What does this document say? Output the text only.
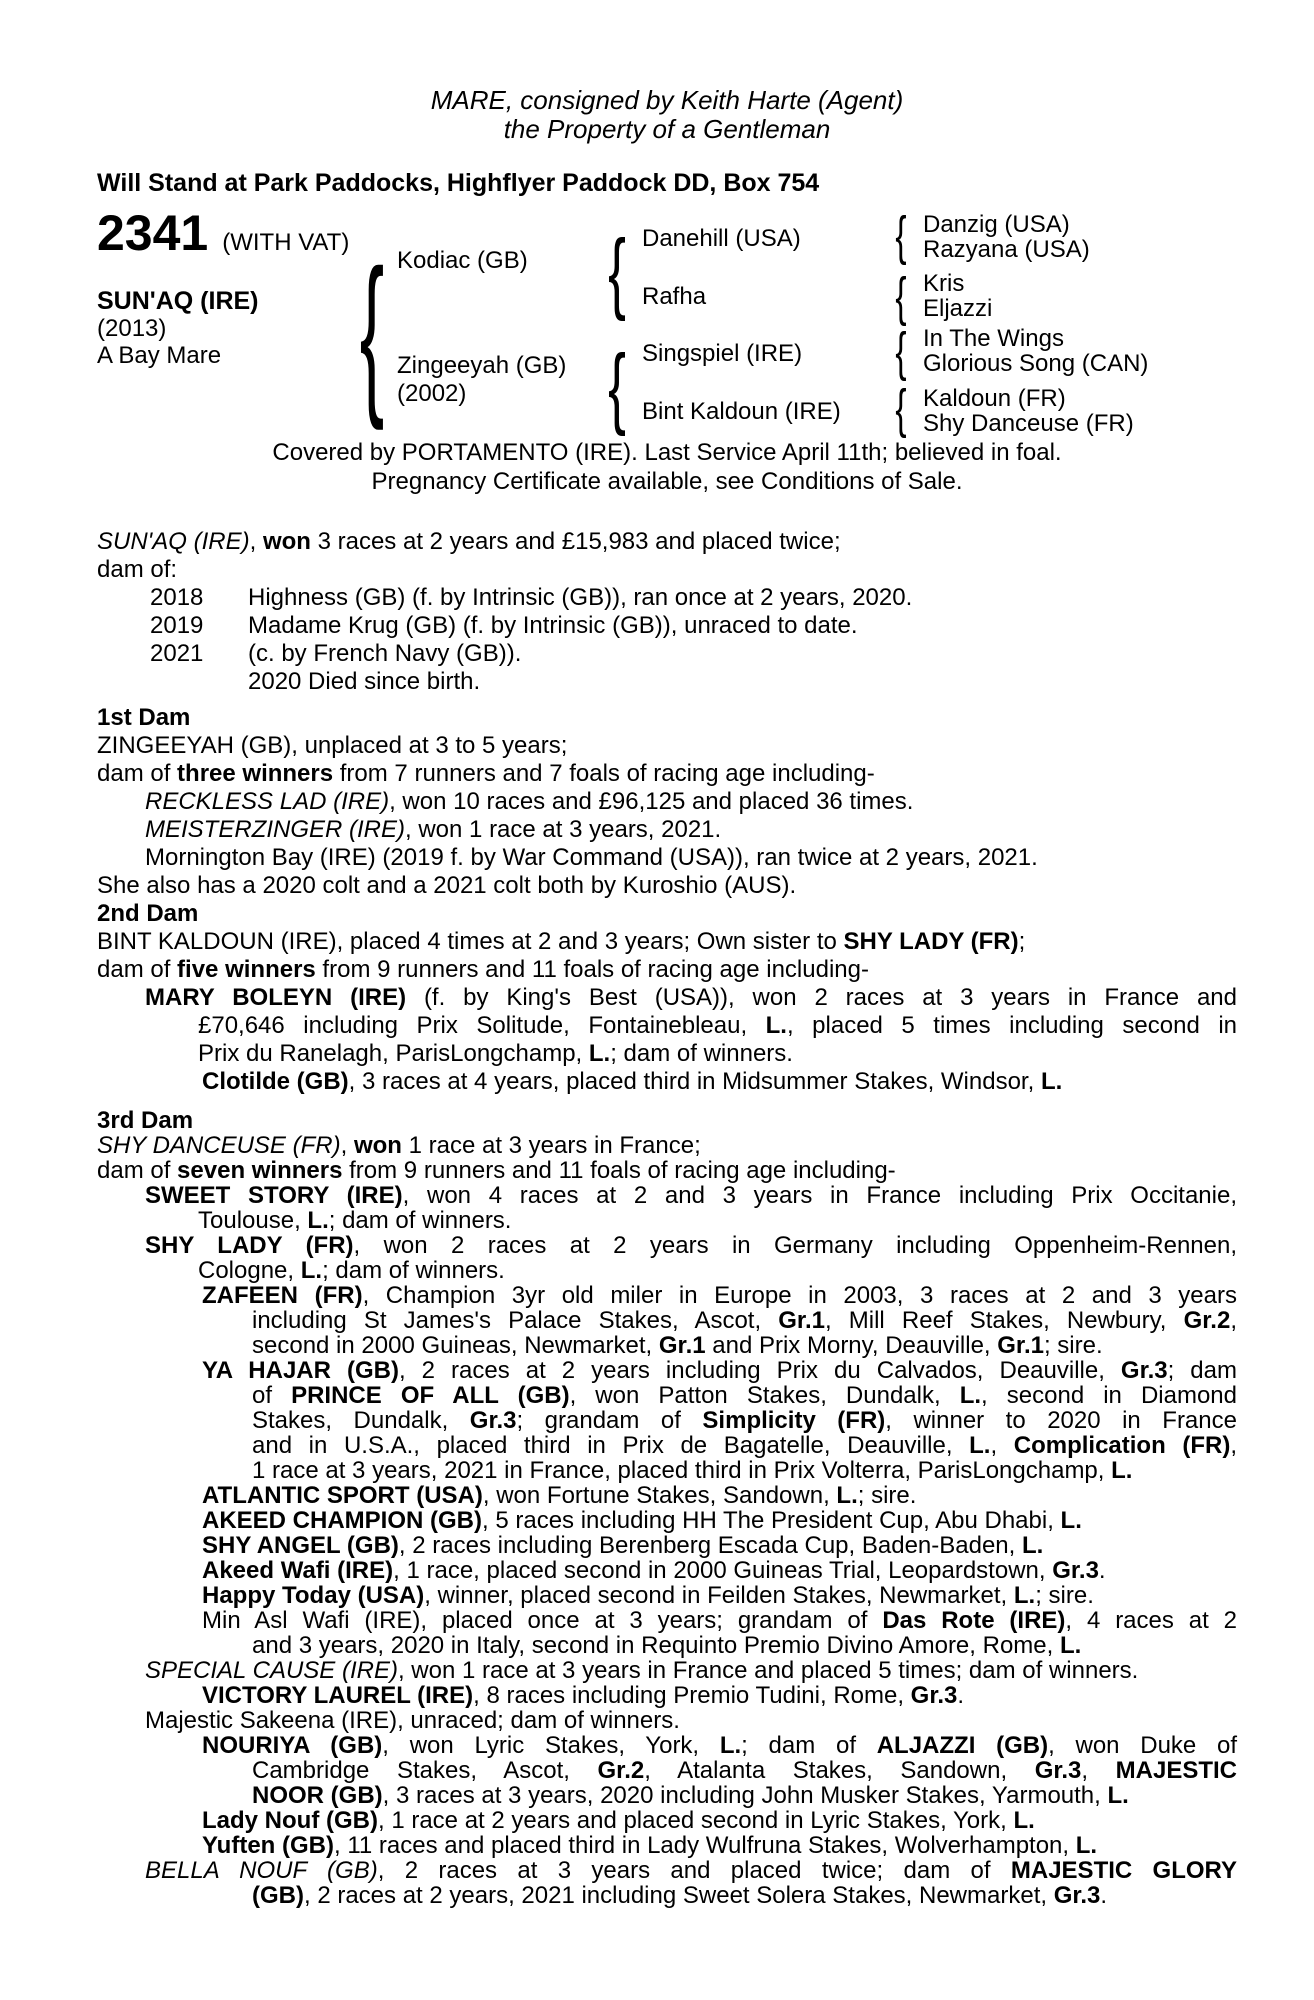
MARE, consigned by Keith Harte (Agent)
the Property of a Gentleman
Will Stand at Park Paddocks, Highflyer Paddock DD, Box 754
2341 (WITH VAT)
SUN'AQ (IRE)
(2013)
A Bay Mare
{
Kodiac (GB)
Zingeeyah (GB)
(2002)
{
{
Danehill (USA)
Rafha
Singspiel (IRE)
Bint Kaldoun (IRE)
{
{
{
{
Danzig (USA)
Razyana (USA)
Kris
Eljazzi
In The Wings
Glorious Song (CAN)
Kaldoun (FR)
Shy Danceuse (FR)
Covered by PORTAMENTO (IRE). Last Service April 11th; believed in foal.
Pregnancy Certificate available, see Conditions of Sale.
SUN'AQ (IRE), won 3 races at 2 years and £15,983 and placed twice;
dam of:
2018 Highness (GB) (f. by Intrinsic (GB)), ran once at 2 years, 2020.
2019 Madame Krug (GB) (f. by Intrinsic (GB)), unraced to date.
2021 (c. by French Navy (GB)).
2020 Died since birth.
1st Dam
ZINGEEYAH (GB), unplaced at 3 to 5 years;
dam of three winners from 7 runners and 7 foals of racing age including-
RECKLESS LAD (IRE), won 10 races and £96,125 and placed 36 times.
MEISTERZINGER (IRE), won 1 race at 3 years, 2021.
Mornington Bay (IRE) (2019 f. by War Command (USA)), ran twice at 2 years, 2021.
She also has a 2020 colt and a 2021 colt both by Kuroshio (AUS).
2nd Dam
BINT KALDOUN (IRE), placed 4 times at 2 and 3 years; Own sister to SHY LADY (FR);
dam of five winners from 9 runners and 11 foals of racing age including-
MARY BOLEYN (IRE) (f. by King's Best (USA)), won 2 races at 3 years in France and
£70,646 including Prix Solitude, Fontainebleau, L., placed 5 times including second in
Prix du Ranelagh, ParisLongchamp, L.; dam of winners.
Clotilde (GB), 3 races at 4 years, placed third in Midsummer Stakes, Windsor, L.
3rd Dam
SHY DANCEUSE (FR), won 1 race at 3 years in France;
dam of seven winners from 9 runners and 11 foals of racing age including-
SWEET STORY (IRE), won 4 races at 2 and 3 years in France including Prix Occitanie,
Toulouse, L.; dam of winners.
SHY LADY (FR), won 2 races at 2 years in Germany including Oppenheim-Rennen,
Cologne, L.; dam of winners.
ZAFEEN (FR), Champion 3yr old miler in Europe in 2003, 3 races at 2 and 3 years
including St James's Palace Stakes, Ascot, Gr.1, Mill Reef Stakes, Newbury, Gr.2,
second in 2000 Guineas, Newmarket, Gr.1 and Prix Morny, Deauville, Gr.1; sire.
YA HAJAR (GB), 2 races at 2 years including Prix du Calvados, Deauville, Gr.3; dam
of PRINCE OF ALL (GB), won Patton Stakes, Dundalk, L., second in Diamond
Stakes, Dundalk, Gr.3; grandam of Simplicity (FR), winner to 2020 in France
and in U.S.A., placed third in Prix de Bagatelle, Deauville, L., Complication (FR),
1 race at 3 years, 2021 in France, placed third in Prix Volterra, ParisLongchamp, L.
ATLANTIC SPORT (USA), won Fortune Stakes, Sandown, L.; sire.
AKEED CHAMPION (GB), 5 races including HH The President Cup, Abu Dhabi, L.
SHY ANGEL (GB), 2 races including Berenberg Escada Cup, Baden-Baden, L.
Akeed Wafi (IRE), 1 race, placed second in 2000 Guineas Trial, Leopardstown, Gr.3.
Happy Today (USA), winner, placed second in Feilden Stakes, Newmarket, L.; sire.
Min Asl Wafi (IRE), placed once at 3 years; grandam of Das Rote (IRE), 4 races at 2
and 3 years, 2020 in Italy, second in Requinto Premio Divino Amore, Rome, L.
SPECIAL CAUSE (IRE), won 1 race at 3 years in France and placed 5 times; dam of winners.
VICTORY LAUREL (IRE), 8 races including Premio Tudini, Rome, Gr.3.
Majestic Sakeena (IRE), unraced; dam of winners.
NOURIYA (GB), won Lyric Stakes, York, L.; dam of ALJAZZI (GB), won Duke of
Cambridge Stakes, Ascot, Gr.2, Atalanta Stakes, Sandown, Gr.3, MAJESTIC
NOOR (GB), 3 races at 3 years, 2020 including John Musker Stakes, Yarmouth, L.
Lady Nouf (GB), 1 race at 2 years and placed second in Lyric Stakes, York, L.
Yuften (GB), 11 races and placed third in Lady Wulfruna Stakes, Wolverhampton, L.
BELLA NOUF (GB), 2 races at 3 years and placed twice; dam of MAJESTIC GLORY
(GB), 2 races at 2 years, 2021 including Sweet Solera Stakes, Newmarket, Gr.3.
